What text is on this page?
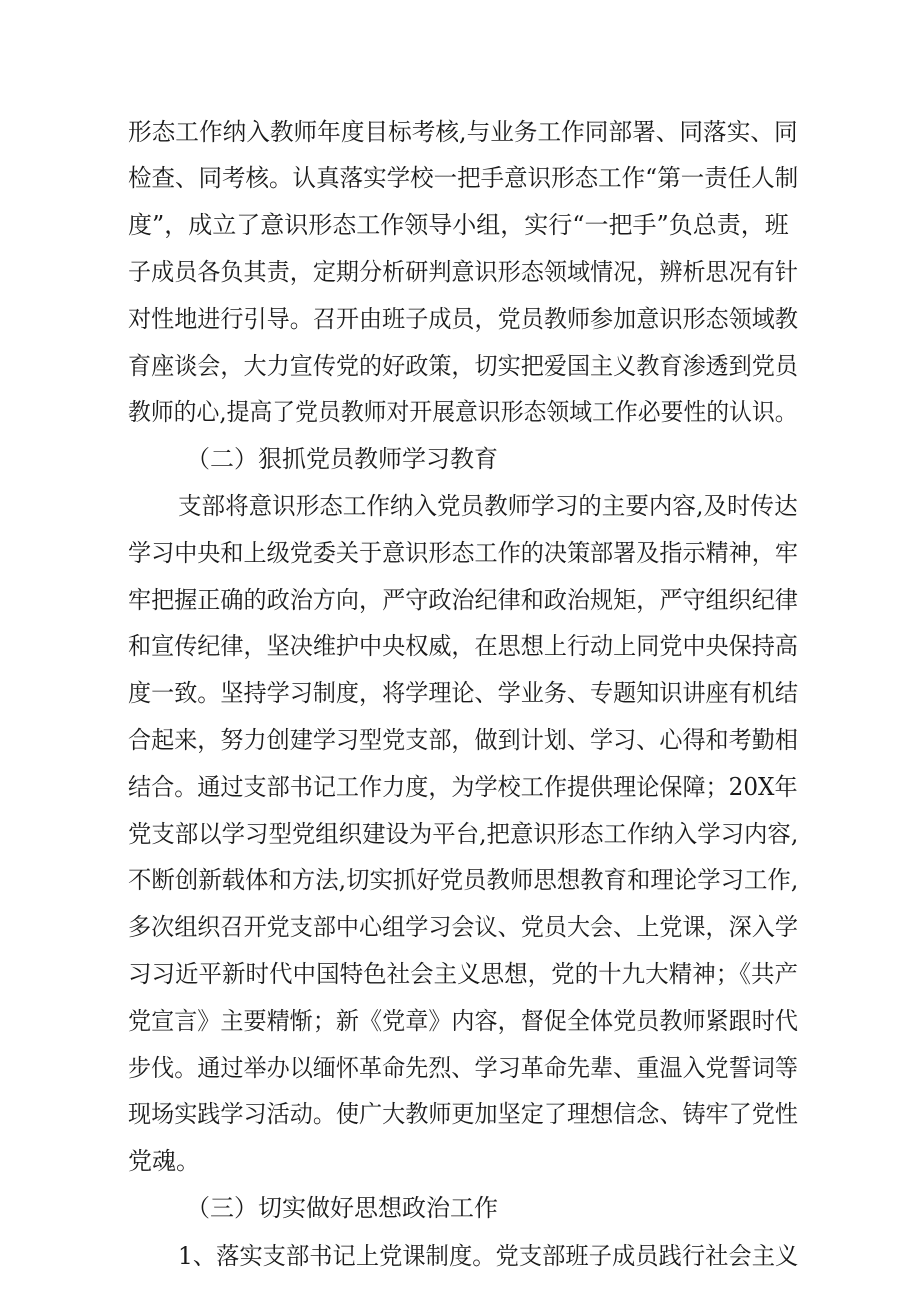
形态工作纳入教师年度目标考核,与业务工作同部署、同落实、同
检查、同考核。认真落实学校一把手意识形态工作“第一责任人制
度”，成立了意识形态工作领导小组，实行“一把手”负总责，班
子成员各负其责，定期分析研判意识形态领域情况，辨析思况有针
对性地进行引导。召开由班子成员，党员教师参加意识形态领域教
育座谈会，大力宣传党的好政策，切实把爱国主义教育渗透到党员
教师的心,提高了党员教师对开展意识形态领域工作必要性的认识。
（二）狠抓党员教师学习教育
支部将意识形态工作纳入党员教师学习的主要内容,及时传达
学习中央和上级党委关于意识形态工作的决策部署及指示精神，牢
牢把握正确的政治方向，严守政治纪律和政治规矩，严守组织纪律
和宣传纪律，坚决维护中央权威，在思想上行动上同党中央保持高
度一致。坚持学习制度，将学理论、学业务、专题知识讲座有机结
合起来，努力创建学习型党支部，做到计划、学习、心得和考勤相
结合。通过支部书记工作力度，为学校工作提供理论保障；20X年
党支部以学习型党组织建设为平台,把意识形态工作纳入学习内容,
不断创新载体和方法,切实抓好党员教师思想教育和理论学习工作,
多次组织召开党支部中心组学习会议、党员大会、上党课，深入学
习习近平新时代中国特色社会主义思想，党的十九大精神；《共产
党宣言》主要精惭；新《党章》内容，督促全体党员教师紧跟时代
步伐。通过举办以缅怀革命先烈、学习革命先辈、重温入党誓词等
现场实践学习活动。使广大教师更加坚定了理想信念、铸牢了党性
党魂。
（三）切实做好思想政治工作
1、落实支部书记上党课制度。党支部班子成员践行社会主义
